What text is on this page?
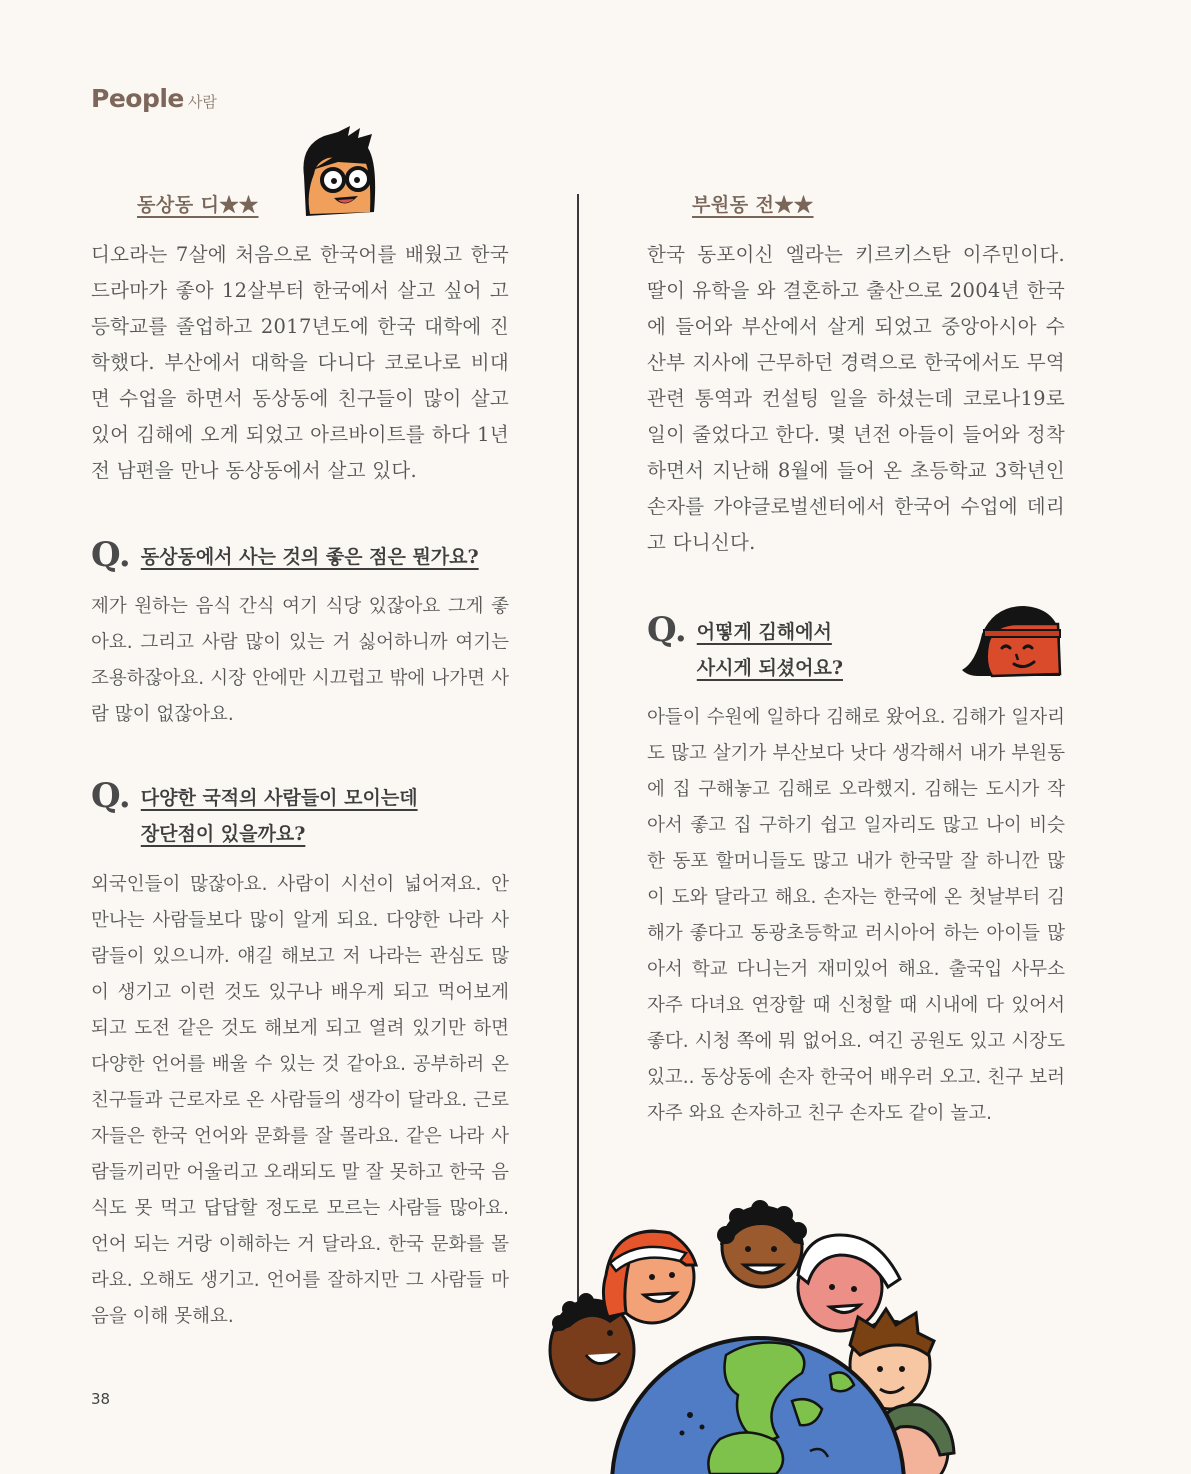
People 사람
동상동 디★★
디오라는 7살에 처음으로 한국어를 배웠고 한국 드라마가 좋아 12살부터 한국에서 살고 싶어 고등학교를 졸업하고 2017년도에 한국 대학에 진학했다. 부산에서 대학을 다니다 코로나로 비대면 수업을 하면서 동상동에 친구들이 많이 살고 있어 김해에 오게 되었고 아르바이트를 하다 1년 전 남편을 만나 동상동에서 살고 있다.
Q. 동상동에서 사는 것의 좋은 점은 뭔가요?
제가 원하는 음식 간식 여기 식당 있잖아요 그게 좋아요. 그리고 사람 많이 있는 거 싫어하니까 여기는 조용하잖아요. 시장 안에만 시끄럽고 밖에 나가면 사람 많이 없잖아요.
Q. 다양한 국적의 사람들이 모이는데
장단점이 있을까요?
외국인들이 많잖아요. 사람이 시선이 넓어져요. 안 만나는 사람들보다 많이 알게 되요. 다양한 나라 사람들이 있으니까. 얘길 해보고 저 나라는 관심도 많이 생기고 이런 것도 있구나 배우게 되고 먹어보게 되고 도전 같은 것도 해보게 되고 열려 있기만 하면 다양한 언어를 배울 수 있는 것 같아요. 공부하러 온 친구들과 근로자로 온 사람들의 생각이 달라요. 근로자들은 한국 언어와 문화를 잘 몰라요. 같은 나라 사람들끼리만 어울리고 오래되도 말 잘 못하고 한국 음식도 못 먹고 답답할 정도로 모르는 사람들 많아요. 언어 되는 거랑 이해하는 거 달라요. 한국 문화를 몰라요. 오해도 생기고. 언어를 잘하지만 그 사람들 마음을 이해 못해요.
38
부원동 전★★
한국 동포이신 엘라는 키르키스탄 이주민이다. 딸이 유학을 와 결혼하고 출산으로 2004년 한국에 들어와 부산에서 살게 되었고 중앙아시아 수산부 지사에 근무하던 경력으로 한국에서도 무역 관련 통역과 컨설팅 일을 하셨는데 코로나19로 일이 줄었다고 한다. 몇 년전 아들이 들어와 정착하면서 지난해 8월에 들어 온 초등학교 3학년인 손자를 가야글로벌센터에서 한국어 수업에 데리고 다니신다.
Q. 어떻게 김해에서
사시게 되셨어요?
아들이 수원에 일하다 김해로 왔어요. 김해가 일자리도 많고 살기가 부산보다 낫다 생각해서 내가 부원동에 집 구해놓고 김해로 오라했지. 김해는 도시가 작아서 좋고 집 구하기 쉽고 일자리도 많고 나이 비슷한 동포 할머니들도 많고 내가 한국말 잘 하니깐 많이 도와 달라고 해요. 손자는 한국에 온 첫날부터 김해가 좋다고 동광초등학교 러시아어 하는 아이들 많아서 학교 다니는거 재미있어 해요. 출국입 사무소 자주 다녀요 연장할 때 신청할 때 시내에 다 있어서 좋다. 시청 쪽에 뭐 없어요. 여긴 공원도 있고 시장도 있고.. 동상동에 손자 한국어 배우러 오고. 친구 보러 자주 와요 손자하고 친구 손자도 같이 놀고.
